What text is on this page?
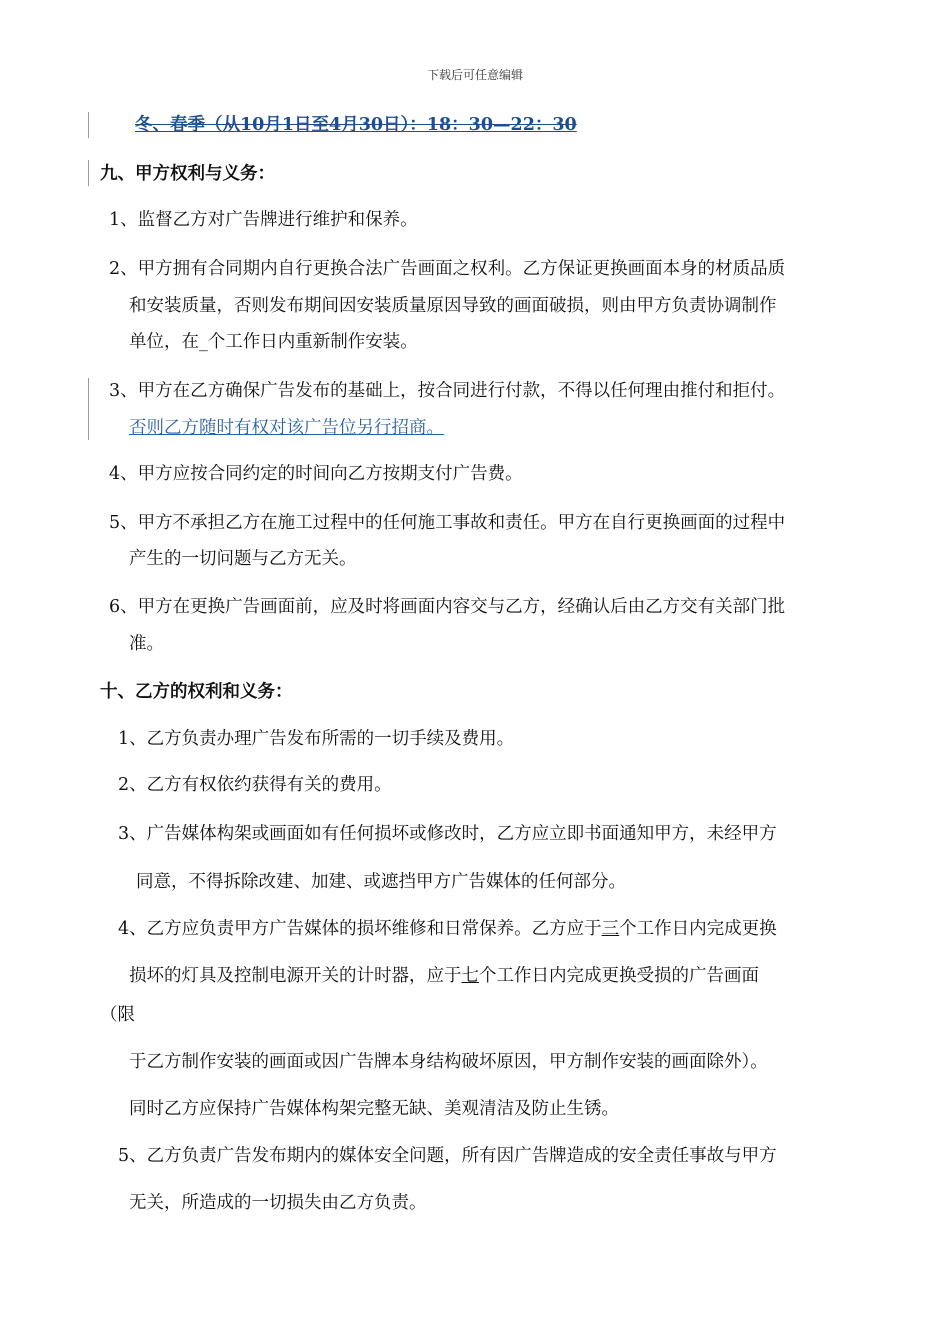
下载后可任意编辑
冬、春季（从10月1日至4月30日）：18：30—22：30
九、甲方权利与义务：
1、监督乙方对广告牌进行维护和保养。
2、甲方拥有合同期内自行更换合法广告画面之权利。乙方保证更换画面本身的材质品质
和安装质量，否则发布期间因安装质量原因导致的画面破损，则由甲方负责协调制作
单位，在_个工作日内重新制作安装。
3、甲方在乙方确保广告发布的基础上，按合同进行付款，不得以任何理由推付和拒付。
否则乙方随时有权对该广告位另行招商。
4、甲方应按合同约定的时间向乙方按期支付广告费。
5、甲方不承担乙方在施工过程中的任何施工事故和责任。甲方在自行更换画面的过程中
产生的一切问题与乙方无关。
6、甲方在更换广告画面前，应及时将画面内容交与乙方，经确认后由乙方交有关部门批
准。
十、乙方的权利和义务：
1、乙方负责办理广告发布所需的一切手续及费用。
2、乙方有权依约获得有关的费用。
3、广告媒体构架或画面如有任何损坏或修改时，乙方应立即书面通知甲方，未经甲方
同意，不得拆除改建、加建、或遮挡甲方广告媒体的任何部分。
4、乙方应负责甲方广告媒体的损坏维修和日常保养。乙方应于三个工作日内完成更换
损坏的灯具及控制电源开关的计时器，应于七个工作日内完成更换受损的广告画面
（限
于乙方制作安装的画面或因广告牌本身结构破坏原因，甲方制作安装的画面除外）。
同时乙方应保持广告媒体构架完整无缺、美观清洁及防止生锈。
5、乙方负责广告发布期内的媒体安全问题，所有因广告牌造成的安全责任事故与甲方
无关，所造成的一切损失由乙方负责。
